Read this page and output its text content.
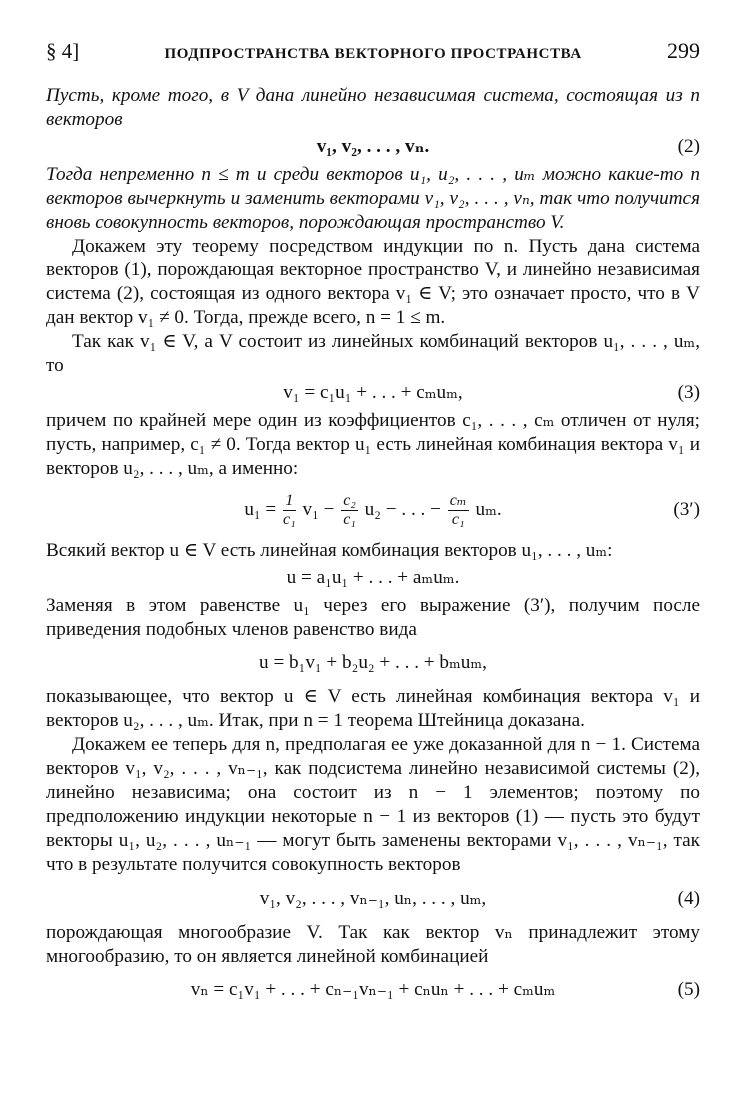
§ 4]	ПОДПРОСТРАНСТВА ВЕКТОРНОГО ПРОСТРАНСТВА	299

Пусть, кроме того, в V дана линейно независимая система, состоящая из n векторов

v₁, v₂, . . . , vₙ.	(2)

Тогда непременно n ≤ m и среди векторов u₁, u₂, . . . , uₘ можно какие-то n векторов вычеркнуть и заменить векторами v₁, v₂, . . . , vₙ, так что получится вновь совокупность векторов, порождающая пространство V.

Докажем эту теорему посредством индукции по n. Пусть дана система векторов (1), порождающая векторное пространство V, и линейно независимая система (2), состоящая из одного вектора v₁ ∈ V; это означает просто, что в V дан вектор v₁ ≠ 0. Тогда, прежде всего, n = 1 ≤ m.

Так как v₁ ∈ V, а V состоит из линейных комбинаций векторов u₁, . . . , uₘ, то

v₁ = c₁u₁ + . . . + cₘuₘ,	(3)

причем по крайней мере один из коэффициентов c₁, . . . , cₘ отличен от нуля; пусть, например, c₁ ≠ 0. Тогда вектор u₁ есть линейная комбинация вектора v₁ и векторов u₂, . . . , uₘ, а именно:

$u_1 = \frac{1}{\text{c₁}} v_1 - \frac{\text{c₂}}{\text{c₁}} u_2$ − . . . − $\frac{\text{cₘ}}{\text{c₁}} u_m$.	(3′)

Всякий вектор u ∈ V есть линейная комбинация векторов u₁, . . . , uₘ:

u = a₁u₁ + . . . + aₘuₘ.

Заменяя в этом равенстве u₁ через его выражение (3′), получим после приведения подобных членов равенство вида

u = b₁v₁ + b₂u₂ + . . . + bₘuₘ,

показывающее, что вектор u ∈ V есть линейная комбинация вектора v₁ и векторов u₂, . . . , uₘ. Итак, при n = 1 теорема Штейница доказана.

Докажем ее теперь для n, предполагая ее уже доказанной для n − 1. Система векторов v₁, v₂, . . . , vₙ₋₁, как подсистема линейно независимой системы (2), линейно независима; она состоит из n − 1 элементов; поэтому по предположению индукции некоторые n − 1 из векторов (1) — пусть это будут векторы u₁, u₂, . . . , uₙ₋₁ — могут быть заменены векторами v₁, . . . , vₙ₋₁, так что в результате получится совокупность векторов

v₁, v₂, . . . , vₙ₋₁, uₙ, . . . , uₘ,	(4)

порождающая многообразие V. Так как вектор vₙ принадлежит этому многообразию, то он является линейной комбинацией

vₙ = c₁v₁ + . . . + cₙ₋₁vₙ₋₁ + cₙuₙ + . . . + cₘuₘ	(5)
